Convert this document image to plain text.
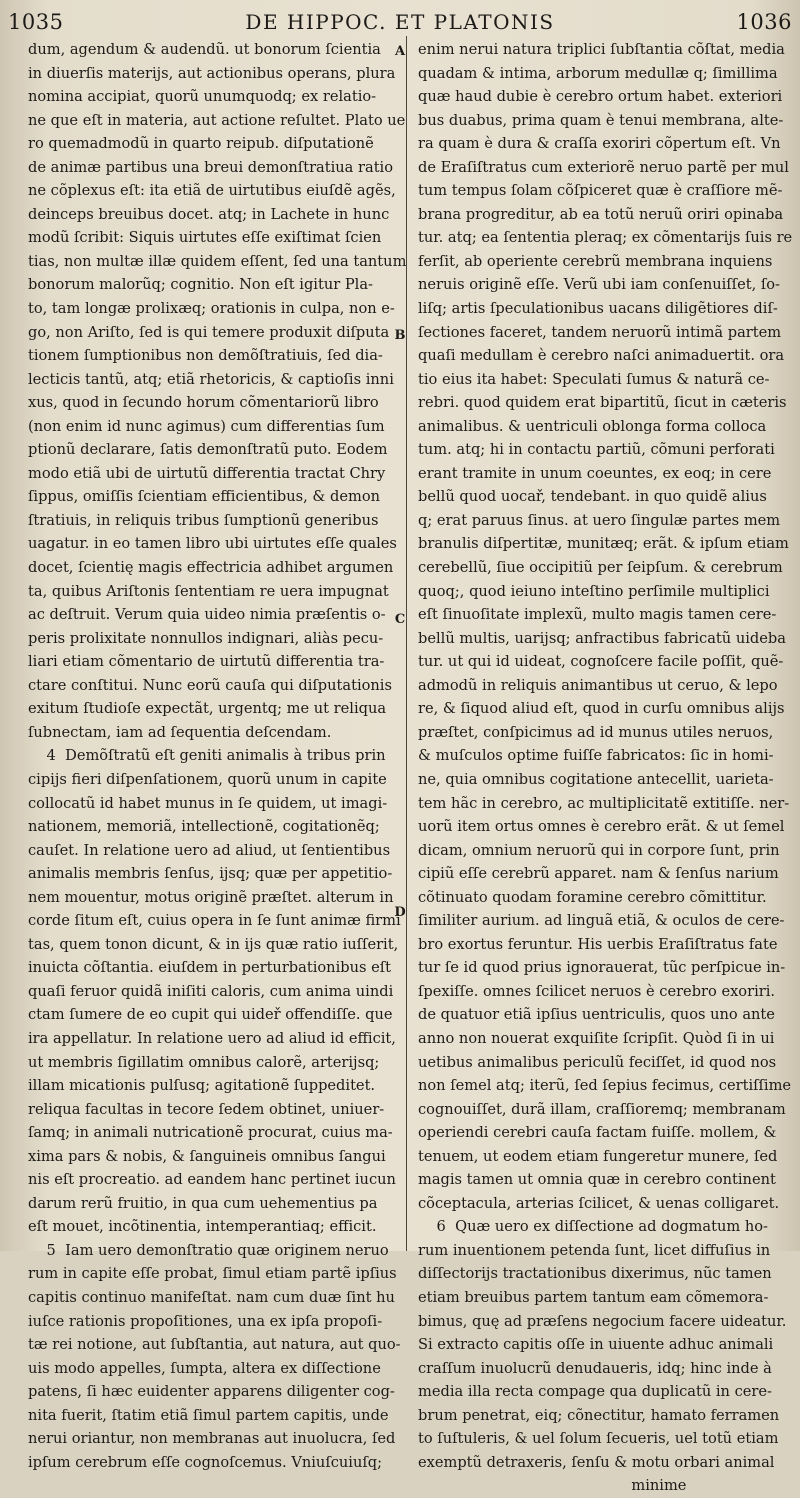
1035	DE HIPPOC. ET PLATONIS	1036
A
B
C
D
dum, agendum & audendũ. ut bonorum ſcientia
in diuerſis materijs, aut actionibus operans, plura
nomina accipiat, quorũ unumquodq; ex relatio-
ne que eſt in materia, aut actione reſultet. Plato ue
ro quemadmodũ in quarto reipub. diſputationẽ
de animæ partibus una breui demonſtratiua ratio
ne cõplexus eſt: ita etiã de uirtutibus eiuſdẽ agẽs,
deinceps breuibus docet. atq; in Lachete in hunc
modũ ſcribit: Siquis uirtutes eſſe exiſtimat ſcien
tias, non multæ illæ quidem eſſent, ſed una tantum
bonorum malorũq; cognitio. Non eſt igitur Pla-
to, tam longæ prolixæq; orationis in culpa, non e-
go, non Ariſto, ſed is qui temere produxit diſputa
tionem ſumptionibus non demõſtratiuis, ſed dia-
lecticis tantũ, atq; etiã rhetoricis, & captioſis inni
xus, quod in ſecundo horum cõmentariorũ libro
(non enim id nunc agimus) cum differentias ſum
ptionũ declarare, ſatis demonſtratũ puto. Eodem
modo etiã ubi de uirtutũ differentia tractat Chry
ſippus, omiſſis ſcientiam efficientibus, & demon
ſtratiuis, in reliquis tribus ſumptionũ generibus
uagatur. in eo tamen libro ubi uirtutes eſſe quales
docet, ſcientię magis effectricia adhibet argumen
ta, quibus Ariſtonis ſententiam re uera impugnat
ac deſtruit. Verum quia uideo nimia præſentis o-
peris prolixitate nonnullos indignari, aliàs pecu-
liari etiam cõmentario de uirtutũ differentia tra-
ctare conſtitui. Nunc eorũ cauſa qui diſputationis
exitum ſtudioſe expectãt, urgentq; me ut reliqua
ſubnectam, iam ad ſequentia deſcendam.
4  Demõſtratũ eſt geniti animalis à tribus prin
cipijs fieri diſpenſationem, quorũ unum in capite
collocatũ id habet munus in ſe quidem, ut imagi-
nationem, memoriã, intellectionẽ, cogitationẽq;
cauſet. In relatione uero ad aliud, ut ſentientibus
animalis membris ſenſus, ijsq; quæ per appetitio-
nem mouentur, motus originẽ præſtet. alterum in
corde ſitum eſt, cuius opera in ſe ſunt animæ firmi
tas, quem tonon dicunt, & in ijs quæ ratio iuſſerit,
inuicta cõſtantia. eiuſdem in perturbationibus eſt
quaſi feruor quidã iniſiti caloris, cum anima uindi
ctam ſumere de eo cupit qui uideř offendiſſe. que
ira appellatur. In relatione uero ad aliud id efficit,
ut membris ſigillatim omnibus calorẽ, arterijsq;
illam micationis pulſusq; agitationẽ ſuppeditet.
reliqua facultas in tecore ſedem obtinet, uniuer-
ſamq; in animali nutricationẽ procurat, cuius ma-
xima pars & nobis, & ſanguineis omnibus ſangui
nis eſt procreatio. ad eandem hanc pertinet iucun
darum rerũ fruitio, in qua cum uehementius pa
eſt mouet, incõtinentia, intemperantiaq; efficit.
5  Iam uero demonſtratio quæ originem neruo
rum in capite eſſe probat, ſimul etiam partẽ ipſius
capitis continuo manifeſtat. nam cum duæ ſint hu
iuſce rationis propoſitiones, una ex ipſa propoſi-
tæ rei notione, aut ſubſtantia, aut natura, aut quo-
uis modo appelles, ſumpta, altera ex diſſectione
patens, ſi hæc euidenter apparens diligenter cog-
nita fuerit, ſtatim etiã ſimul partem capitis, unde
nerui oriantur, non membranas aut inuolucra, ſed
ipſum cerebrum eſſe cognoſcemus. Vniuſcuiuſq;
enim nerui natura triplici ſubſtantia cõſtat, media
quadam & intima, arborum medullæ q; ſimillima
quæ haud dubie è cerebro ortum habet. exteriori
bus duabus, prima quam è tenui membrana, alte-
ra quam è dura & craſſa exoriri cõpertum eſt. Vn
de Eraſiſtratus cum exteriorẽ neruo partẽ per mul
tum tempus ſolam cõſpiceret quæ è craſſiore mẽ-
brana progreditur, ab ea totũ neruũ oriri opinaba
tur. atq; ea ſententia pleraq; ex cõmentarijs ſuis re
ferſit, ab operiente cerebrũ membrana inquiens
neruis originẽ eſſe. Verũ ubi iam conſenuiſſet, ſo-
liſq; artis ſpeculationibus uacans diligẽtiores diſ-
ſectiones faceret, tandem neruorũ intimã partem
quaſi medullam è cerebro naſci animaduertit. ora
tio eius ita habet: Speculati ſumus & naturã ce-
rebri. quod quidem erat bipartitũ, ſicut in cæteris
animalibus. & uentriculi oblonga forma colloca
tum. atq; hi in contactu partiũ, cõmuni perforati
erant tramite in unum coeuntes, ex eoq; in cere
bellũ quod uocař, tendebant. in quo quidẽ alius
q; erat paruus ſinus. at uero ſingulæ partes mem
branulis diſpertitæ, munitæq; erãt. & ipſum etiam
cerebellũ, ſiue occipitiũ per ſeipſum. & cerebrum
quoq;, quod ieiuno inteſtino perſimile multiplici
eſt ſinuoſitate implexũ, multo magis tamen cere-
bellũ multis, uarijsq; anfractibus fabricatũ uideba
tur. ut qui id uideat, cognoſcere facile poſſit, quẽ-
admodũ in reliquis animantibus ut ceruo, & lepo
re, & ſiquod aliud eſt, quod in curſu omnibus alijs
præſtet, conſpicimus ad id munus utiles neruos,
& muſculos optime fuiſſe fabricatos: ſic in homi-
ne, quia omnibus cogitatione antecellit, uarieta-
tem hãc in cerebro, ac multiplicitatẽ extitiſſe. ner-
uorũ item ortus omnes è cerebro erãt. & ut ſemel
dicam, omnium neruorũ qui in corpore ſunt, prin
cipiũ eſſe cerebrũ apparet. nam & ſenſus narium
cõtinuato quodam foramine cerebro cõmittitur.
ſimiliter aurium. ad linguã etiã, & oculos de cere-
bro exortus feruntur. His uerbis Eraſiſtratus fate
tur ſe id quod prius ignorauerat, tũc perſpicue in-
ſpexiſſe. omnes ſcilicet neruos è cerebro exoriri.
de quatuor etiã ipſius uentriculis, quos uno ante
anno non nouerat exquiſite ſcripſit. Quòd ſi in ui
uetibus animalibus periculũ feciſſet, id quod nos
non ſemel atq; iterũ, ſed ſepius fecimus, certiſſime
cognouiſſet, durã illam, craſſioremq; membranam
operiendi cerebri cauſa factam fuiſſe. mollem, &
tenuem, ut eodem etiam fungeretur munere, ſed
magis tamen ut omnia quæ in cerebro continent
cõceptacula, arterias ſcilicet, & uenas colligaret.
6  Quæ uero ex diſſectione ad dogmatum ho-
rum inuentionem petenda ſunt, licet diffuſius in
diſſectorijs tractationibus dixerimus, nũc tamen
etiam breuibus partem tantum eam cõmemora-
bimus, quę ad præſens negocium facere uideatur.
Si extracto capitis oſſe in uiuente adhuc animali
craſſum inuolucrũ denudaueris, idq; hinc inde à
media illa recta compage qua duplicatũ in cere-
brum penetrat, eiq; cõnectitur, hamato ferramen
to ſuſtuleris, & uel ſolum ſecueris, uel totũ etiam
exemptũ detraxeris, ſenſu & motu orbari animal
minime
